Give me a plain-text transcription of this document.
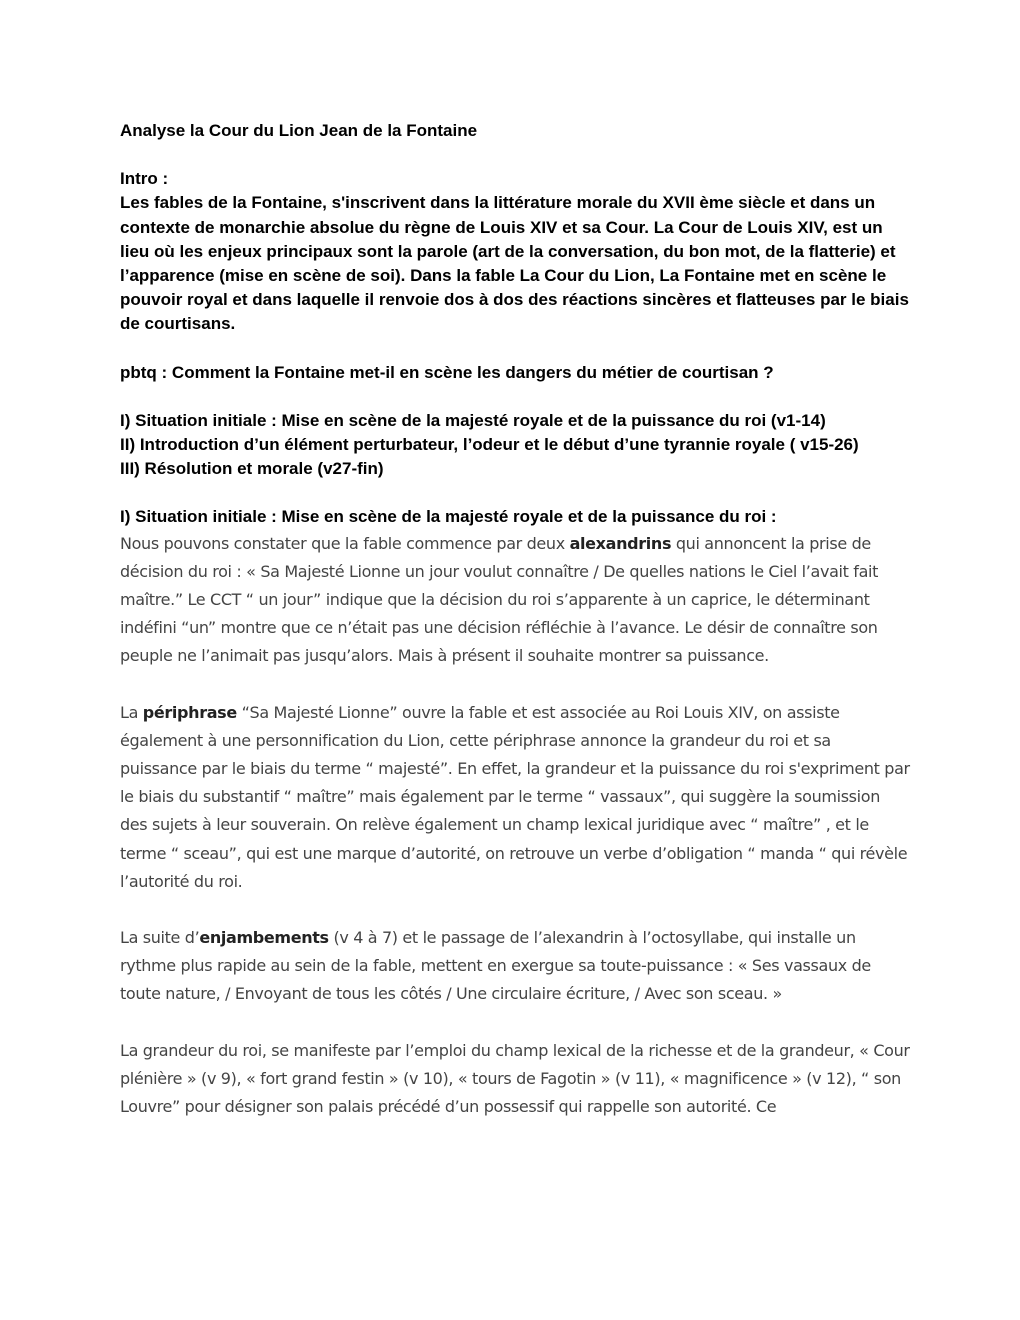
Analyse la Cour du Lion Jean de la Fontaine

Intro :

Les fables de la Fontaine, s'inscrivent dans la littérature morale du XVII ème siècle et dans un contexte de monarchie absolue du règne de Louis XIV et sa Cour. La Cour de Louis XIV, est un lieu où les enjeux principaux sont la parole (art de la conversation, du bon mot, de la flatterie) et l’apparence (mise en scène de soi). Dans la fable La Cour du Lion, La Fontaine met en scène le pouvoir royal et dans laquelle il renvoie dos à dos des réactions sincères et flatteuses par le biais de courtisans.

pbtq : Comment la Fontaine met-il en scène les dangers du métier de courtisan ?

I) Situation initiale : Mise en scène de la majesté royale et de la puissance du roi (v1-14)
II) Introduction d’un élément perturbateur, l’odeur et le début d’une tyrannie royale ( v15-26)
III) Résolution et morale (v27-fin)

I) Situation initiale : Mise en scène de la majesté royale et de la puissance du roi :

Nous pouvons constater que la fable commence par deux alexandrins qui annoncent la prise de décision du roi : « Sa Majesté Lionne un jour voulut connaître / De quelles nations le Ciel l’avait fait maître.” Le CCT “ un jour” indique que la décision du roi s’apparente à un caprice, le déterminant indéfini “un” montre que ce n’était pas une décision réfléchie à l’avance. Le désir de connaître son peuple ne l’animait pas jusqu’alors. Mais à présent il souhaite montrer sa puissance.

La périphrase “Sa Majesté Lionne” ouvre la fable et est associée au Roi Louis XIV, on assiste également à une personnification du Lion, cette périphrase annonce la grandeur du roi et sa puissance par le biais du terme “ majesté”. En effet, la grandeur et la puissance du roi s'expriment par le biais du substantif “ maître” mais également par le terme “ vassaux”, qui suggère la soumission des sujets à leur souverain. On relève également un champ lexical juridique avec “ maître” , et le terme “ sceau”, qui est une marque d’autorité, on retrouve un verbe d’obligation “ manda “ qui révèle l’autorité du roi.

La suite d’enjambements (v 4 à 7) et le passage de l’alexandrin à l’octosyllabe, qui installe un rythme plus rapide au sein de la fable, mettent en exergue sa toute-puissance : « Ses vassaux de toute nature, / Envoyant de tous les côtés / Une circulaire écriture, / Avec son sceau. »

La grandeur du roi, se manifeste par l’emploi du champ lexical de la richesse et de la grandeur, « Cour plénière » (v 9), « fort grand festin » (v 10), « tours de Fagotin » (v 11), « magnificence » (v 12), “ son Louvre” pour désigner son palais précédé d’un possessif qui rappelle son autorité. Ce
